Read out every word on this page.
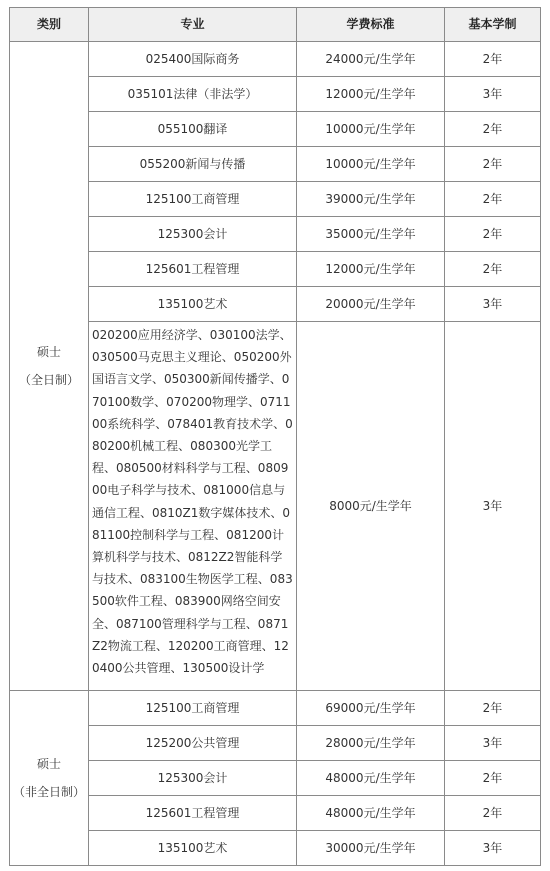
类别	专业	学费标准	基本学制

硕士
（全日制）	025400国际商务	24000元/生学年	2年
	035101法律（非法学）	12000元/生学年	3年
	055100翻译	10000元/生学年	2年
	055200新闻与传播	10000元/生学年	2年
	125100工商管理	39000元/生学年	2年
	125300会计	35000元/生学年	2年
	125601工程管理	12000元/生学年	2年
	135100艺术	20000元/生学年	3年
	020200应用经济学、030100法学、030500马克思主义理论、050200外国语言文学、050300新闻传播学、070100数学、070200物理学、071100系统科学、078401教育技术学、080200机械工程、080300光学工程、080500材料科学与工程、080900电子科学与技术、081000信息与通信工程、0810Z1数字媒体技术、081100控制科学与工程、081200计算机科学与技术、0812Z2智能科学与技术、083100生物医学工程、083500软件工程、083900网络空间安全、087100管理科学与工程、0871Z2物流工程、120200工商管理、120400公共管理、130500设计学	8000元/生学年	3年

硕士
（非全日制）	125100工商管理	69000元/生学年	2年
	125200公共管理	28000元/生学年	3年
	125300会计	48000元/生学年	2年
	125601工程管理	48000元/生学年	2年
	135100艺术	30000元/生学年	3年
